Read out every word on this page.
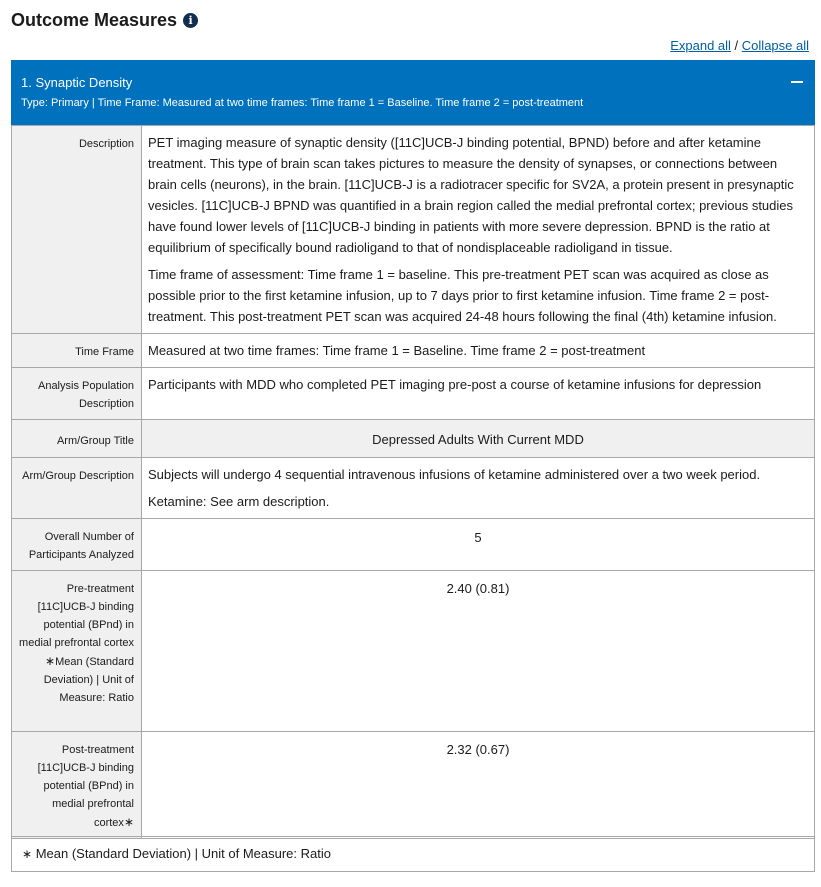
Outcome Measures	i
Expand all / Collapse all
1. Synaptic Density
Type: Primary | Time Frame: Measured at two time frames: Time frame 1 = Baseline. Time frame 2 = post-treatment
Description	PET imaging measure of synaptic density ([11C]UCB-J binding potential, BPND) before and after ketamine treatment. This type of brain scan takes pictures to measure the density of synapses, or connections between brain cells (neurons), in the brain. [11C]UCB-J is a radiotracer specific for SV2A, a protein present in presynaptic vesicles. [11C]UCB-J BPND was quantified in a brain region called the medial prefrontal cortex; previous studies have found lower levels of [11C]UCB-J binding in patients with more severe depression. BPND is the ratio at equilibrium of specifically bound radioligand to that of nondisplaceable radioligand in tissue.

Time frame of assessment: Time frame 1 = baseline. This pre-treatment PET scan was acquired as close as possible prior to the first ketamine infusion, up to 7 days prior to first ketamine infusion. Time frame 2 = post-treatment. This post-treatment PET scan was acquired 24-48 hours following the final (4th) ketamine infusion.

Time Frame	Measured at two time frames: Time frame 1 = Baseline. Time frame 2 = post-treatment
Analysis Population Description	Participants with MDD who completed PET imaging pre-post a course of ketamine infusions for depression
Arm/Group Title	Depressed Adults With Current MDD
Arm/Group Description	Subjects will undergo 4 sequential intravenous infusions of ketamine administered over a two week period.

Ketamine: See arm description.

Overall Number of Participants Analyzed	5
Pre-treatment [11C]UCB-J binding potential (BPnd) in medial prefrontal cortex
∗Mean (Standard Deviation) | Unit of Measure: Ratio	2.40 (0.81)
Post-treatment [11C]UCB-J binding potential (BPnd) in medial prefrontal cortex∗	2.32 (0.67)
∗ Mean (Standard Deviation) | Unit of Measure: Ratio
